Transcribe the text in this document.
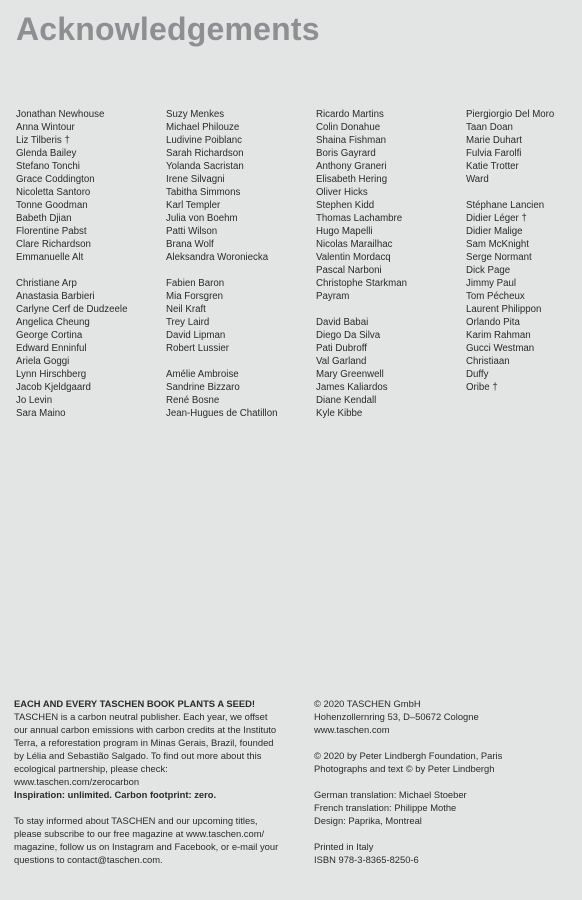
Acknowledgements
Jonathan Newhouse
Anna Wintour
Liz Tilberis †
Glenda Bailey
Stefano Tonchi
Grace Coddington
Nicoletta Santoro
Tonne Goodman
Babeth Djian
Florentine Pabst
Clare Richardson
Emmanuelle Alt
Christiane Arp
Anastasia Barbieri
Carlyne Cerf de Dudzeele
Angelica Cheung
George Cortina
Edward Enninful
Ariela Goggi
Lynn Hirschberg
Jacob Kjeldgaard
Jo Levin
Sara Maino
Suzy Menkes
Michael Philouze
Ludivine Poiblanc
Sarah Richardson
Yolanda Sacristan
Irene Silvagni
Tabitha Simmons
Karl Templer
Julia von Boehm
Patti Wilson
Brana Wolf
Aleksandra Woroniecka
Fabien Baron
Mia Forsgren
Neil Kraft
Trey Laird
David Lipman
Robert Lussier
Amélie Ambroise
Sandrine Bizzaro
René Bosne
Jean-Hugues de Chatillon
Ricardo Martins
Colin Donahue
Shaina Fishman
Boris Gayrard
Anthony Graneri
Elisabeth Hering
Oliver Hicks
Stephen Kidd
Thomas Lachambre
Hugo Mapelli
Nicolas Marailhac
Valentin Mordacq
Pascal Narboni
Christophe Starkman
Payram
David Babai
Diego Da Silva
Pati Dubroff
Val Garland
Mary Greenwell
James Kaliardos
Diane Kendall
Kyle Kibbe
Piergiorgio Del Moro
Taan Doan
Marie Duhart
Fulvia Farolfi
Katie Trotter
Ward
Stéphane Lancien
Didier Léger †
Didier Malige
Sam McKnight
Serge Normant
Dick Page
Jimmy Paul
Tom Pécheux
Laurent Philippon
Orlando Pita
Karim Rahman
Gucci Westman
Christiaan
Duffy
Oribe †
EACH AND EVERY TASCHEN BOOK PLANTS A SEED!
TASCHEN is a carbon neutral publisher. Each year, we offset
our annual carbon emissions with carbon credits at the Instituto
Terra, a reforestation program in Minas Gerais, Brazil, founded
by Lélia and Sebastião Salgado. To find out more about this
ecological partnership, please check:
www.taschen.com/zerocarbon

Inspiration: unlimited. Carbon footprint: zero.

To stay informed about TASCHEN and our upcoming titles,
please subscribe to our free magazine at www.taschen.com/
magazine, follow us on Instagram and Facebook, or e-mail your
questions to contact@taschen.com.

© 2020 TASCHEN GmbH
Hohenzollernring 53, D–50672 Cologne
www.taschen.com

© 2020 by Peter Lindbergh Foundation, Paris
Photographs and text © by Peter Lindbergh

German translation: Michael Stoeber
French translation: Philippe Mothe
Design: Paprika, Montreal

Printed in Italy
ISBN 978-3-8365-8250-6
